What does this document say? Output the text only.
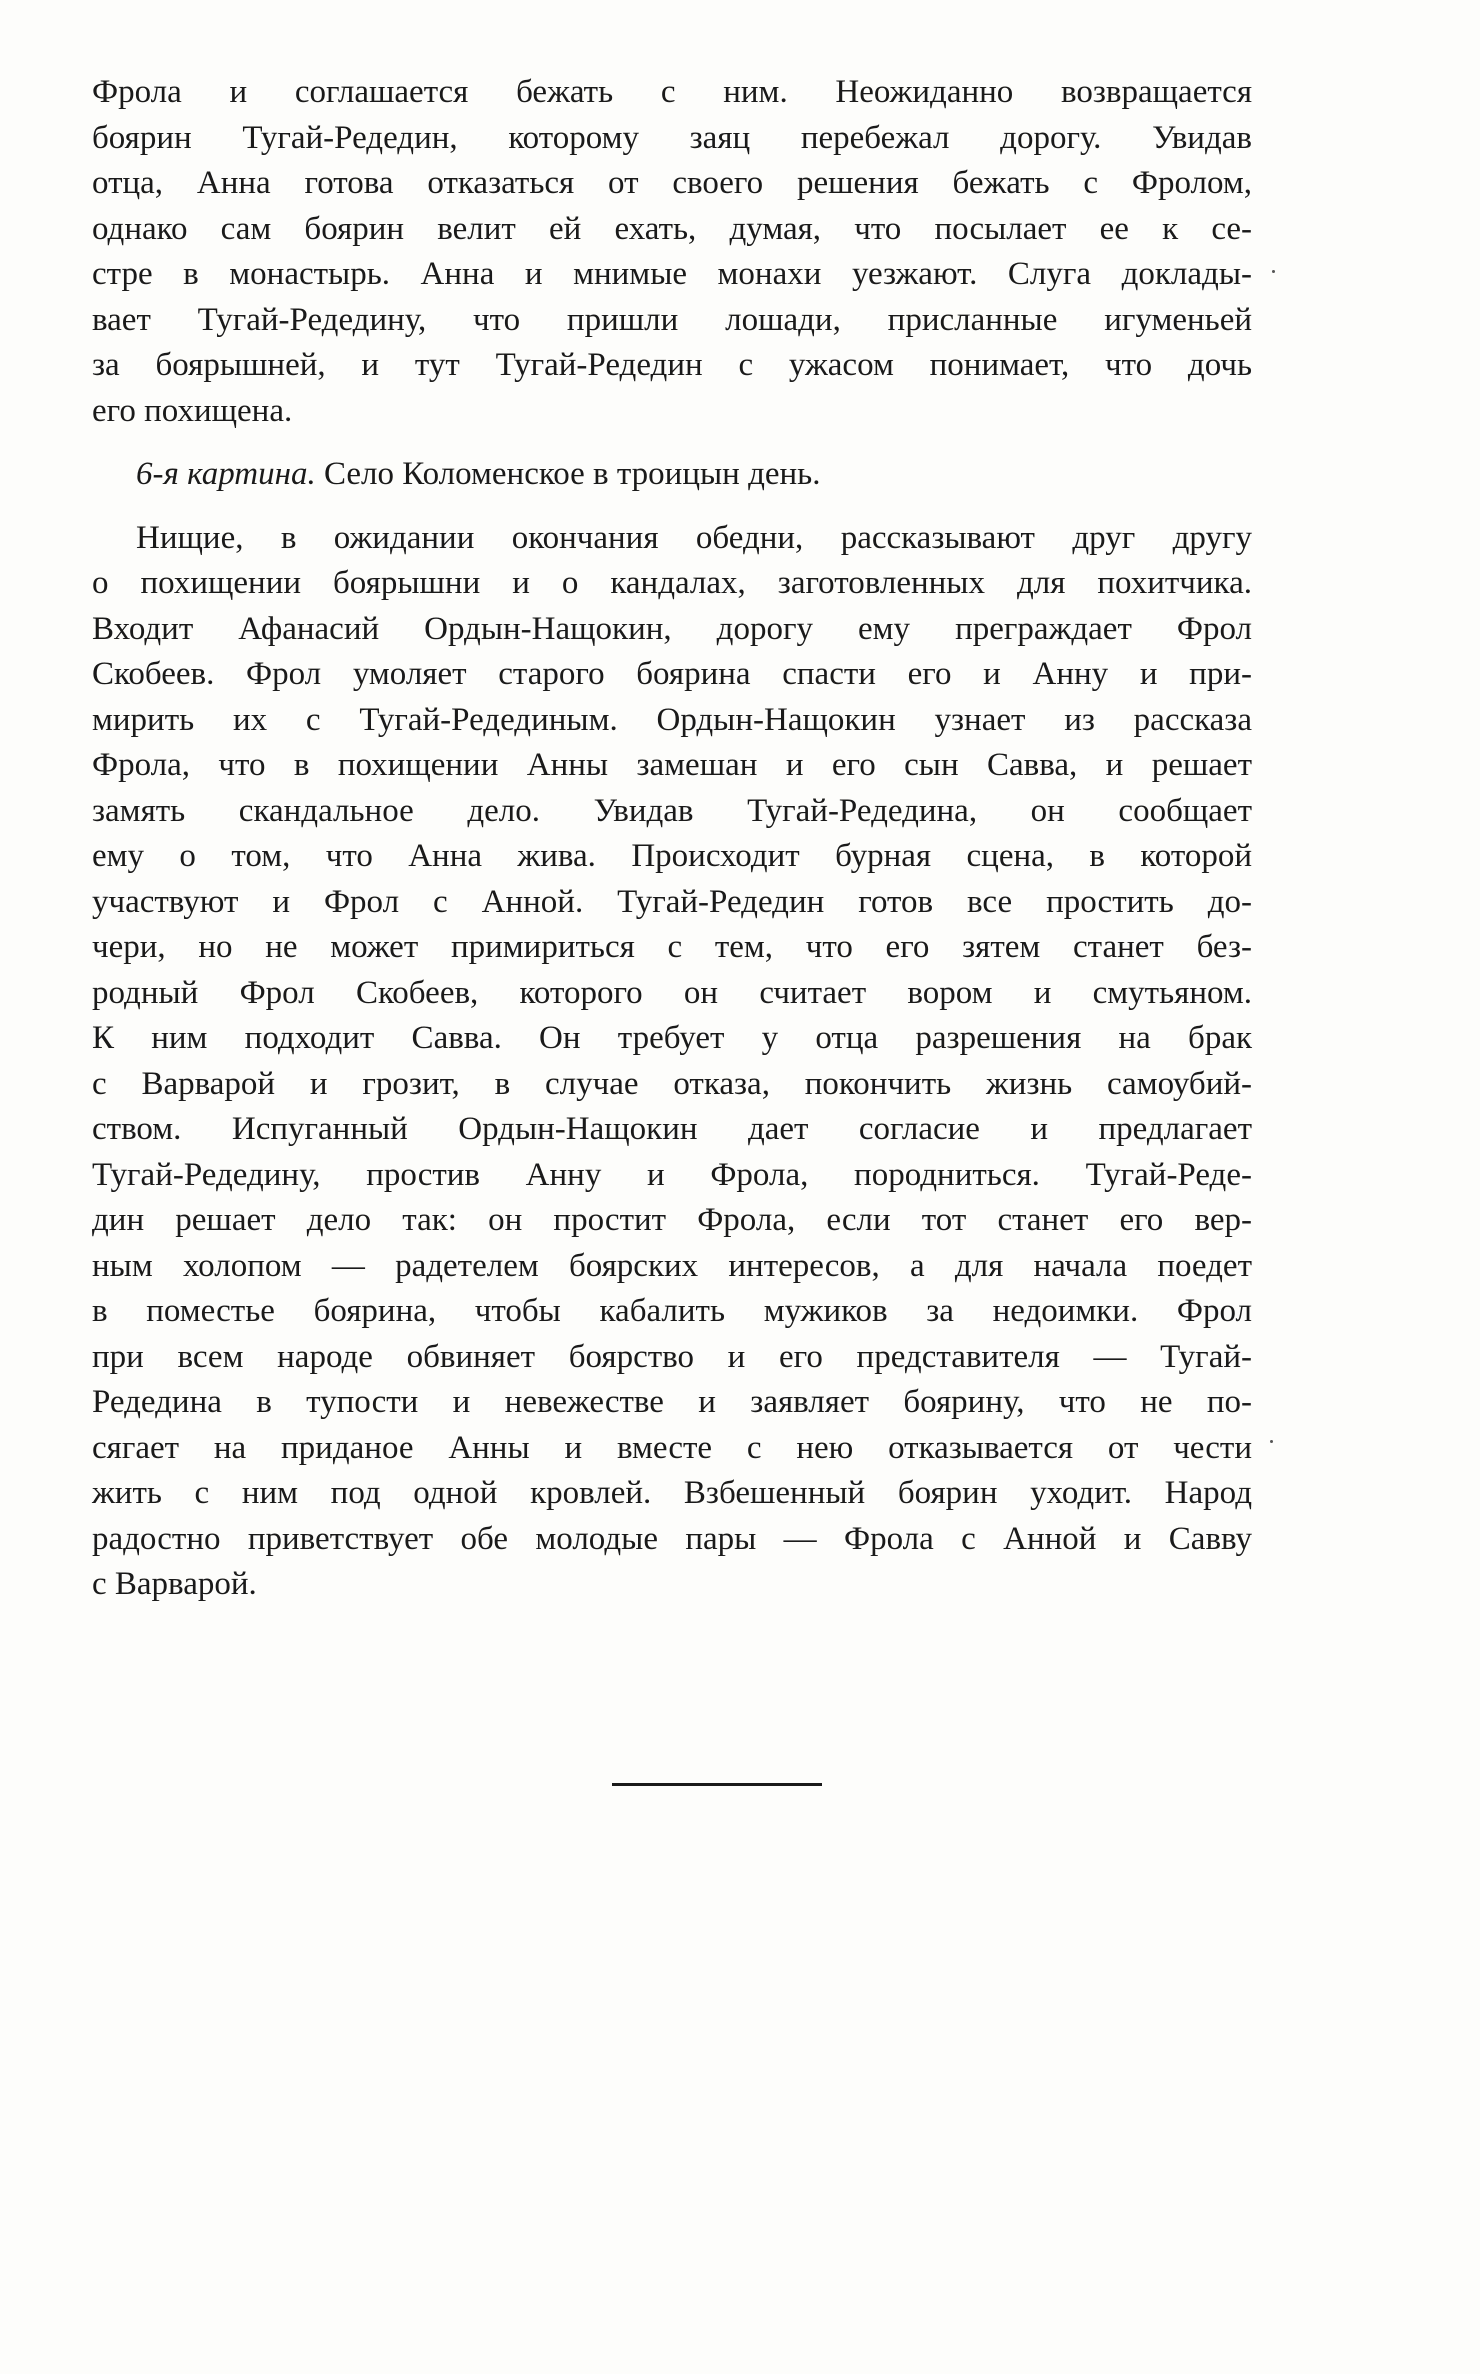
Фрола и соглашается бежать с ним. Неожиданно возвращается
боярин Тугай-Редедин, которому заяц перебежал дорогу. Увидав
отца, Анна готова отказаться от своего решения бежать с Фролом,
однако сам боярин велит ей ехать, думая, что посылает ее к се-
стре в монастырь. Анна и мнимые монахи уезжают. Слуга доклады-
вает Тугай-Редедину, что пришли лошади, присланные игуменьей
за боярышней, и тут Тугай-Редедин с ужасом понимает, что дочь
его похищена.
6-я картина. Село Коломенское в троицын день.
Нищие, в ожидании окончания обедни, рассказывают друг другу
о похищении боярышни и о кандалах, заготовленных для похитчика.
Входит Афанасий Ордын-Нащокин, дорогу ему преграждает Фрол
Скобеев. Фрол умоляет старого боярина спасти его и Анну и при-
мирить их с Тугай-Редединым. Ордын-Нащокин узнает из рассказа
Фрола, что в похищении Анны замешан и его сын Савва, и решает
замять скандальное дело. Увидав Тугай-Редедина, он сообщает
ему о том, что Анна жива. Происходит бурная сцена, в которой
участвуют и Фрол с Анной. Тугай-Редедин готов все простить до-
чери, но не может примириться с тем, что его зятем станет без-
родный Фрол Скобеев, которого он считает вором и смутьяном.
К ним подходит Савва. Он требует у отца разрешения на брак
с Варварой и грозит, в случае отказа, покончить жизнь самоубий-
ством. Испуганный Ордын-Нащокин дает согласие и предлагает
Тугай-Редедину, простив Анну и Фрола, породниться. Тугай-Реде-
дин решает дело так: он простит Фрола, если тот станет его вер-
ным холопом — радетелем боярских интересов, а для начала поедет
в поместье боярина, чтобы кабалить мужиков за недоимки. Фрол
при всем народе обвиняет боярство и его представителя — Тугай-
Редедина в тупости и невежестве и заявляет боярину, что не по-
сягает на приданое Анны и вместе с нею отказывается от чести
жить с ним под одной кровлей. Взбешенный боярин уходит. Народ
радостно приветствует обе молодые пары — Фрола с Анной и Савву
с Варварой.
